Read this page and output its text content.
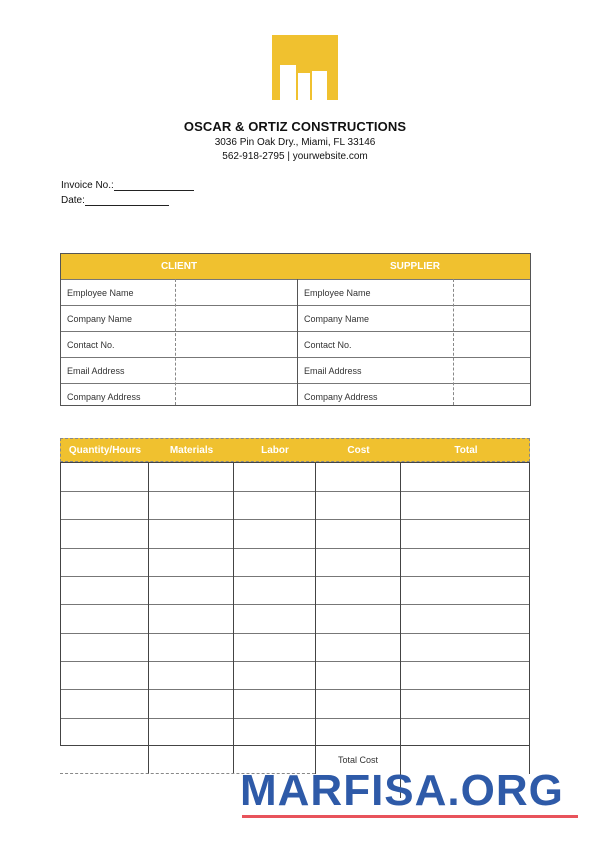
OSCAR & ORTIZ CONSTRUCTIONS
3036 Pin Oak Dry., Miami, FL 33146
562-918-2795 | yourwebsite.com
Invoice No.:
Date:
CLIENT	SUPPLIER
Employee Name	Employee Name
Company Name	Company Name
Contact No.	Contact No.
Email Address	Email Address
Company Address	Company Address
Quantity/Hours	Materials	Labor	Cost	Total
Total Cost
MARFISA.ORG
